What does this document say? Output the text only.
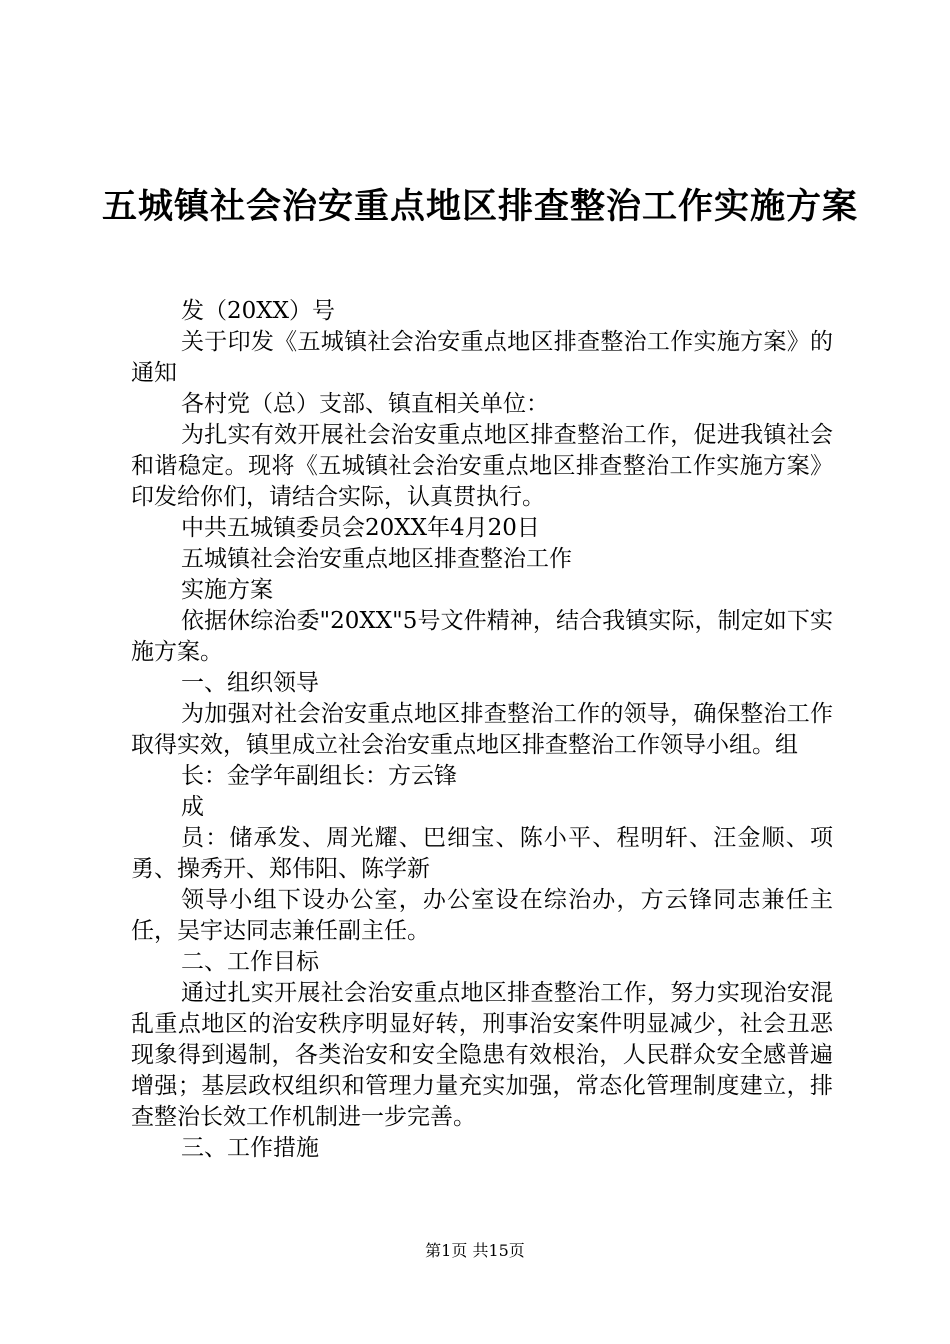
五城镇社会治安重点地区排查整治工作实施方案

发（20XX）号

关于印发《五城镇社会治安重点地区排查整治工作实施方案》的通知

各村党（总）支部、镇直相关单位：

为扎实有效开展社会治安重点地区排查整治工作，促进我镇社会和谐稳定。现将《五城镇社会治安重点地区排查整治工作实施方案》印发给你们，请结合实际，认真贯执行。

中共五城镇委员会20XX年4月20日

五城镇社会治安重点地区排查整治工作

实施方案

依据休综治委"20XX"5号文件精神，结合我镇实际，制定如下实施方案。

一、组织领导

为加强对社会治安重点地区排查整治工作的领导，确保整治工作取得实效，镇里成立社会治安重点地区排查整治工作领导小组。组

长：金学年副组长：方云锋

成

员：储承发、周光耀、巴细宝、陈小平、程明轩、汪金顺、项勇、操秀开、郑伟阳、陈学新

领导小组下设办公室，办公室设在综治办，方云锋同志兼任主任，吴宇达同志兼任副主任。

二、工作目标

通过扎实开展社会治安重点地区排查整治工作，努力实现治安混乱重点地区的治安秩序明显好转，刑事治安案件明显减少，社会丑恶现象得到遏制，各类治安和安全隐患有效根治，人民群众安全感普遍增强；基层政权组织和管理力量充实加强，常态化管理制度建立，排查整治长效工作机制进一步完善。

三、工作措施

第1页 共15页
